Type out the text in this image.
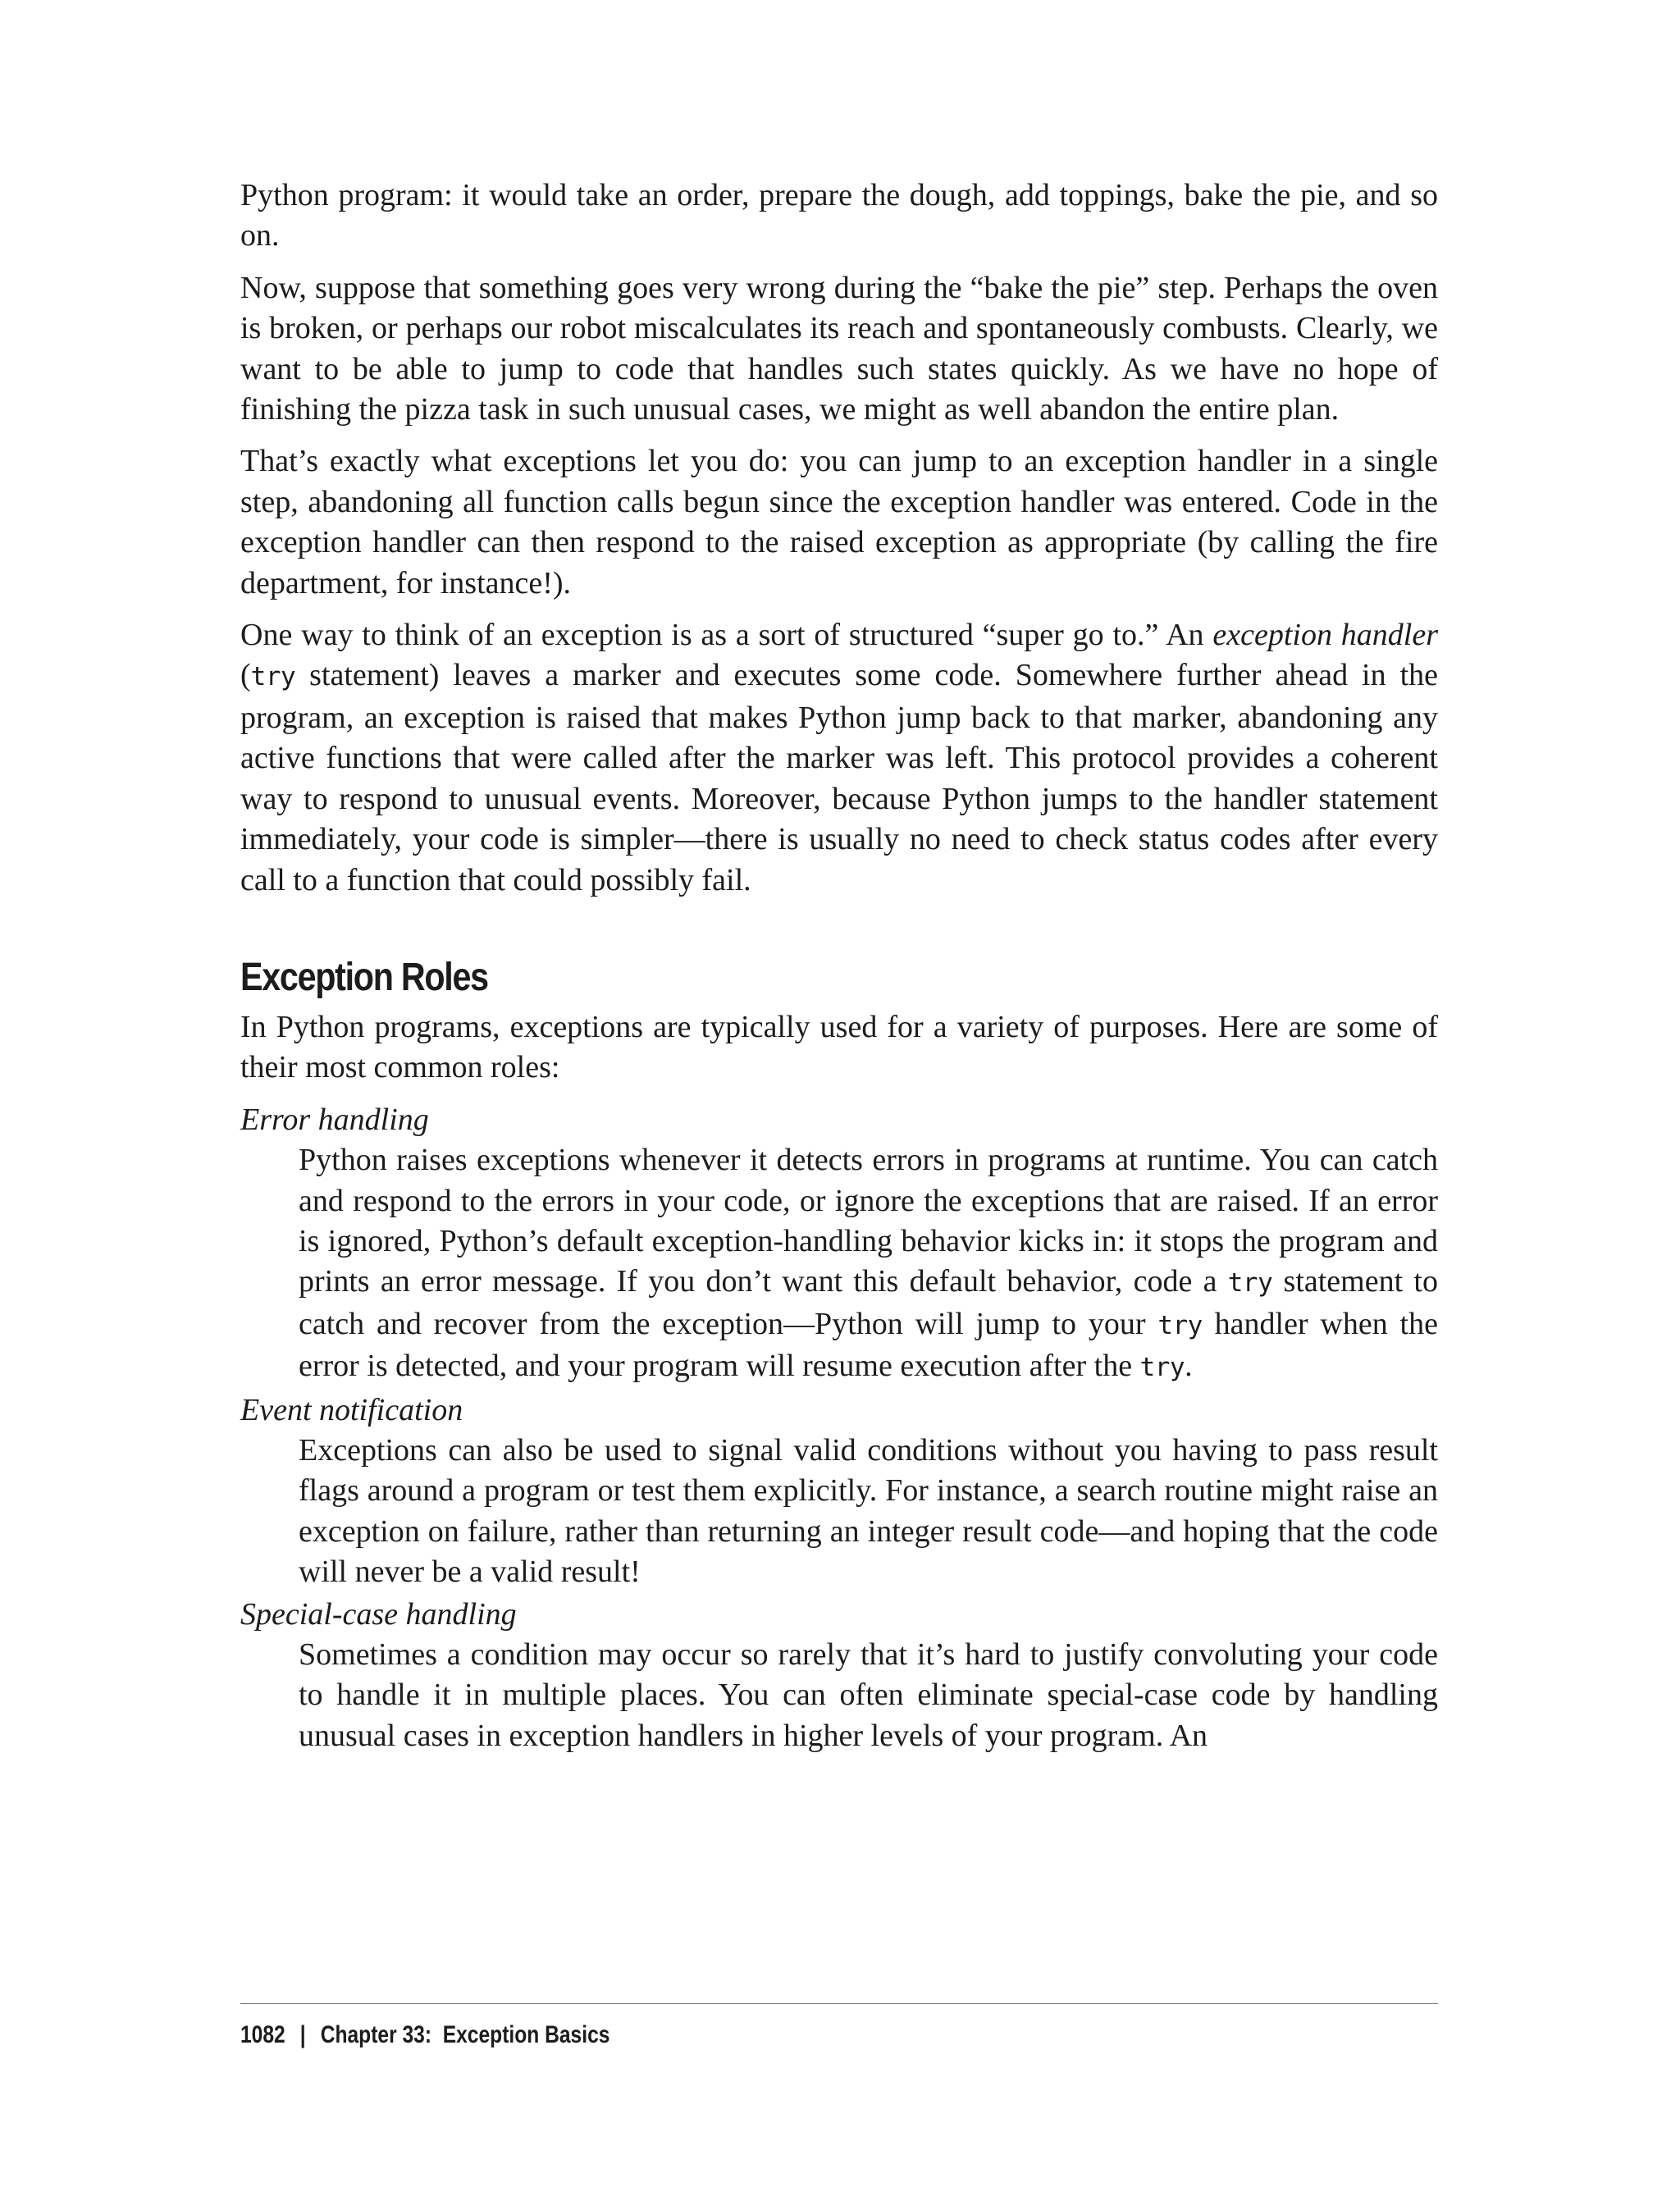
Python program: it would take an order, prepare the dough, add toppings, bake the pie, and so on.

Now, suppose that something goes very wrong during the “bake the pie” step. Perhaps the oven is broken, or perhaps our robot miscalculates its reach and spontaneously combusts. Clearly, we want to be able to jump to code that handles such states quickly. As we have no hope of finishing the pizza task in such unusual cases, we might as well abandon the entire plan.

That’s exactly what exceptions let you do: you can jump to an exception handler in a single step, abandoning all function calls begun since the exception handler was entered. Code in the exception handler can then respond to the raised exception as appropriate (by calling the fire department, for instance!).

One way to think of an exception is as a sort of structured “super go to.” An exception handler (try statement) leaves a marker and executes some code. Somewhere further ahead in the program, an exception is raised that makes Python jump back to that marker, abandoning any active functions that were called after the marker was left. This protocol provides a coherent way to respond to unusual events. Moreover, because Python jumps to the handler statement immediately, your code is simpler—there is usually no need to check status codes after every call to a function that could possibly fail.

Exception Roles

In Python programs, exceptions are typically used for a variety of purposes. Here are some of their most common roles:

Error handling
Python raises exceptions whenever it detects errors in programs at runtime. You can catch and respond to the errors in your code, or ignore the exceptions that are raised. If an error is ignored, Python’s default exception-handling behavior kicks in: it stops the program and prints an error message. If you don’t want this default behavior, code a try statement to catch and recover from the exception—Python will jump to your try handler when the error is detected, and your program will resume execution after the try.
Event notification
Exceptions can also be used to signal valid conditions without you having to pass result flags around a program or test them explicitly. For instance, a search routine might raise an exception on failure, rather than returning an integer result code—and hoping that the code will never be a valid result!
Special-case handling
Sometimes a condition may occur so rarely that it’s hard to justify convoluting your code to handle it in multiple places. You can often eliminate special-case code by handling unusual cases in exception handlers in higher levels of your program. An
1082 | Chapter 33:  Exception Basics
